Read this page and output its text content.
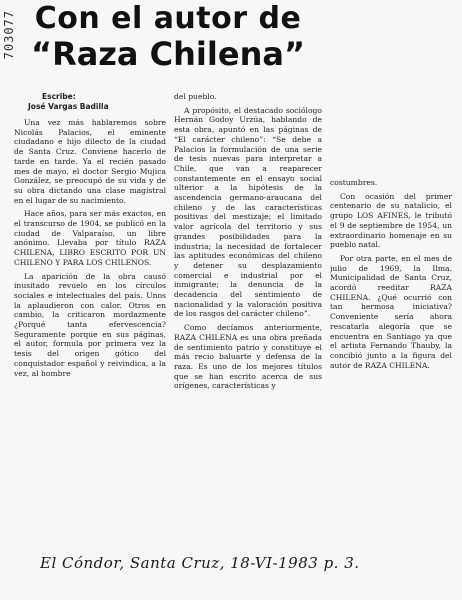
703077 Con el autor de
“Raza Chilena”
Escribe:
José Vargas Badilla

Una vez más hablaremos sobre Nicolás Palacios, el eminente ciudadano e hijo dilecto de la ciudad de Santa Cruz. Conviene hacerlo de tarde en tarde. Ya el recién pasado mes de mayo, el doctor Sergio Mujica González, se preocupó de su vida y de su obra dictando una clase magistral en el lugar de su nacimiento.

Hace años, para ser más exactos, en el transcurso de 1904, se publicó en la ciudad de Valparaíso, un libre anónimo. Llevaba por título RAZA CHILENA, LIBRO ESCRITO POR UN CHILENO Y PARA LOS CHILENOS.

La aparición de la obra causó inusitado revuelo en los círculos sociales e intelectuales del país. Unos la aplaudieron con calor. Otros en cambio, la criticaron mordazmente ¿Porqué tanta efervescencia? Seguramente porque en sus páginas, el autor, formula por primera vez la tesis del origen gótico del conquistador español y reivindica, a la vez, al hombre

del pueblo.

A propósito, el destacado sociólogo Hernán Godoy Urzúa, hablando de esta obra, apuntó en las páginas de “El carácter chileno”: “Se debe a Palacios la formulación de una serie de tesis nuevas para interpretar a Chile, que van a reaparecer constantemente en el ensayo social ulterior a la hipótesis de la ascendencia germano-araucana del chileno y de las características positivas del mestizaje; el limitado valor agrícola del territorio y sus grandes posibilidades para la industria; la necesidad de fortalecer las aptitudes económicas del chileno y detener su desplazamiento comercial e industrial por el inmigrante; la denuncia de la decadencia del sentimiento de nacionalidad y la valoración positiva de los rasgos del carácter chileno”.

Como decíamos anteriormente, RAZA CHILENA es una obra preñada de sentimiento patrio y constituye el más recio baluarte y defensa de la raza. Es uno de los mejores títulos que se han escrito acerca de sus orígenes, características y

costumbres.

Con ocasión del primer centenario de su natalicio, el grupo LOS AFINES, le tributó el 9 de septiembre de 1954, un extraordinario homenaje en su pueblo natal.

Por otra parte, en el mes de julio de 1969, la Ilma. Municipalidad de Santa Cruz, acordó reeditar RAZA CHILENA. ¿Qué ocurrió con tan hermosa iniciativa? Conveniente sería ahora rescatarla alegoría que se encuentra en Santiago ya que el artista Fernando Thauby, la concibió junto a la figura del autor de RAZA CHILENA.

El Cóndor, Santa Cruz, 18-VI-1983 p. 3.
